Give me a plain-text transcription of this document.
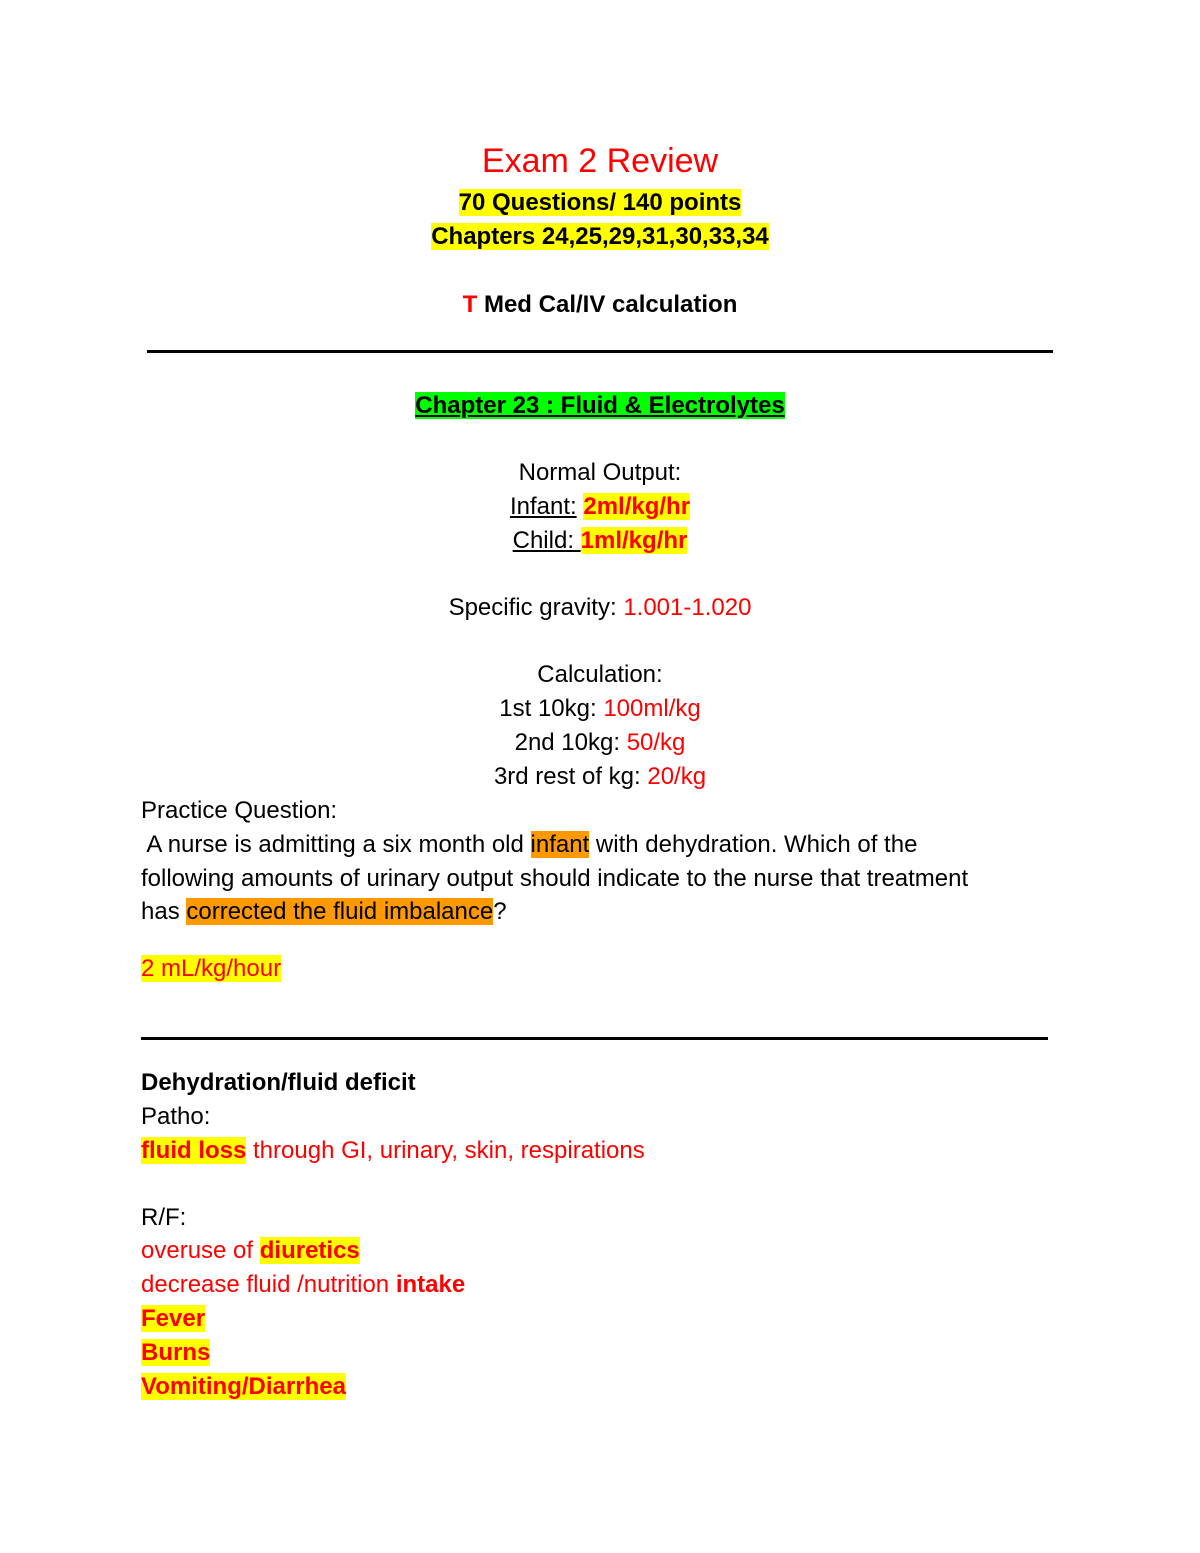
Exam 2 Review
70 Questions/ 140 points
Chapters 24,25,29,31,30,33,34
T Med Cal/IV calculation
Chapter 23 : Fluid & Electrolytes
Normal Output:
Infant: 2ml/kg/hr
Child: 1ml/kg/hr
Specific gravity: 1.001-1.020
Calculation:
1st 10kg: 100ml/kg
2nd 10kg: 50/kg
3rd rest of kg: 20/kg
Practice Question:
A nurse is admitting a six month old infant with dehydration. Which of the
following amounts of urinary output should indicate to the nurse that treatment
has corrected the fluid imbalance?
2 mL/kg/hour
Dehydration/fluid deficit
Patho:
fluid loss through GI, urinary, skin, respirations
R/F:
overuse of diuretics
decrease fluid /nutrition intake
Fever
Burns
Vomiting/Diarrhea
